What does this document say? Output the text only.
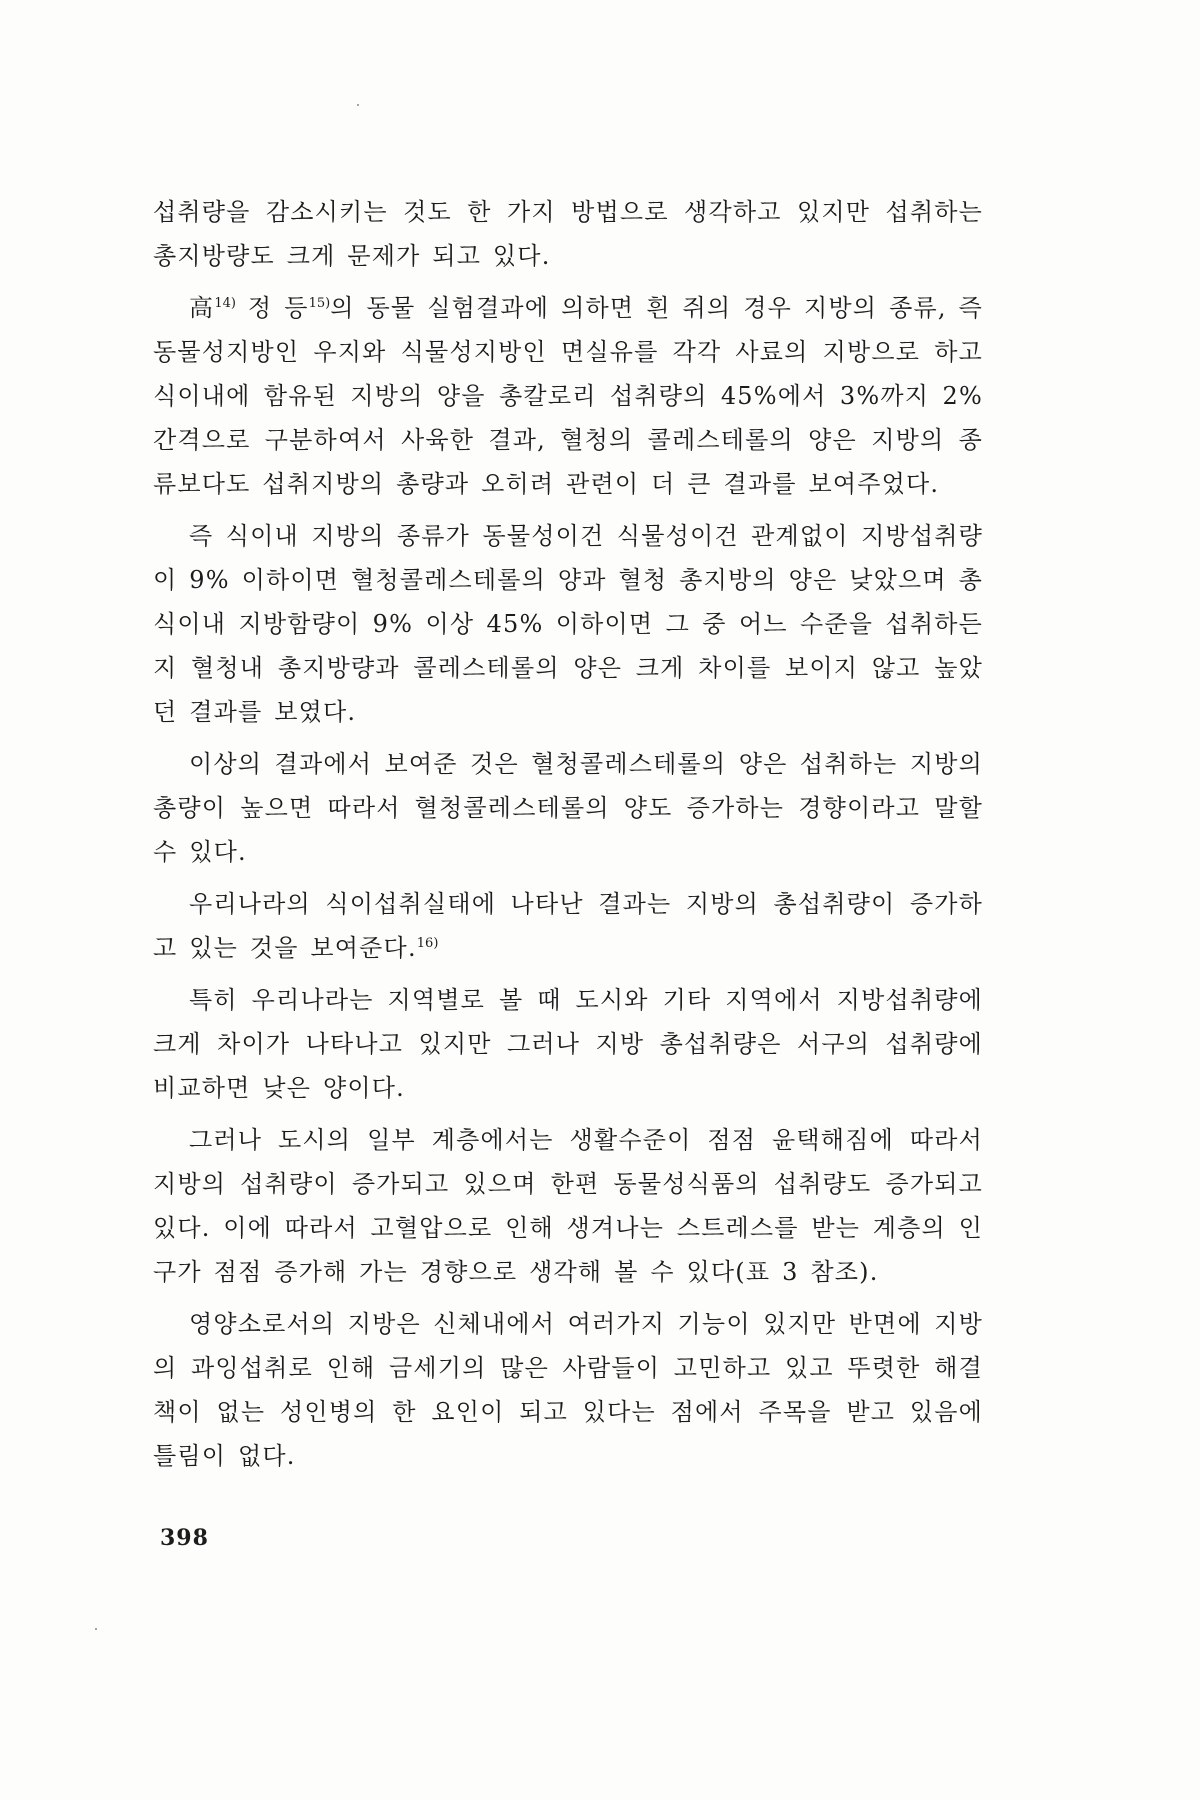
섭취량을 감소시키는 것도 한 가지 방법으로 생각하고 있지만 섭취하는 총지방량도 크게 문제가 되고 있다.

高$^{14)}$ 정 등$^{15)}$의 동물 실험결과에 의하면 흰 쥐의 경우 지방의 종류, 즉 동물성지방인 우지와 식물성지방인 면실유를 각각 사료의 지방으로 하고 식이내에 함유된 지방의 양을 총칼로리 섭취량의 45%에서 3%까지 2% 간격으로 구분하여서 사육한 결과, 혈청의 콜레스테롤의 양은 지방의 종류보다도 섭취지방의 총량과 오히려 관련이 더 큰 결과를 보여주었다.

즉 식이내 지방의 종류가 동물성이건 식물성이건 관계없이 지방섭취량이 9% 이하이면 혈청콜레스테롤의 양과 혈청 총지방의 양은 낮았으며 총 식이내 지방함량이 9% 이상 45% 이하이면 그 중 어느 수준을 섭취하든지 혈청내 총지방량과 콜레스테롤의 양은 크게 차이를 보이지 않고 높았던 결과를 보였다.

이상의 결과에서 보여준 것은 혈청콜레스테롤의 양은 섭취하는 지방의 총량이 높으면 따라서 혈청콜레스테롤의 양도 증가하는 경향이라고 말할 수 있다.

우리나라의 식이섭취실태에 나타난 결과는 지방의 총섭취량이 증가하고 있는 것을 보여준다.$^{16)}$

특히 우리나라는 지역별로 볼 때 도시와 기타 지역에서 지방섭취량에 크게 차이가 나타나고 있지만 그러나 지방 총섭취량은 서구의 섭취량에 비교하면 낮은 양이다.

그러나 도시의 일부 계층에서는 생활수준이 점점 윤택해짐에 따라서 지방의 섭취량이 증가되고 있으며 한편 동물성식품의 섭취량도 증가되고 있다. 이에 따라서 고혈압으로 인해 생겨나는 스트레스를 받는 계층의 인구가 점점 증가해 가는 경향으로 생각해 볼 수 있다(표 3 참조).

영양소로서의 지방은 신체내에서 여러가지 기능이 있지만 반면에 지방의 과잉섭취로 인해 금세기의 많은 사람들이 고민하고 있고 뚜렷한 해결책이 없는 성인병의 한 요인이 되고 있다는 점에서 주목을 받고 있음에 틀림이 없다.

398
